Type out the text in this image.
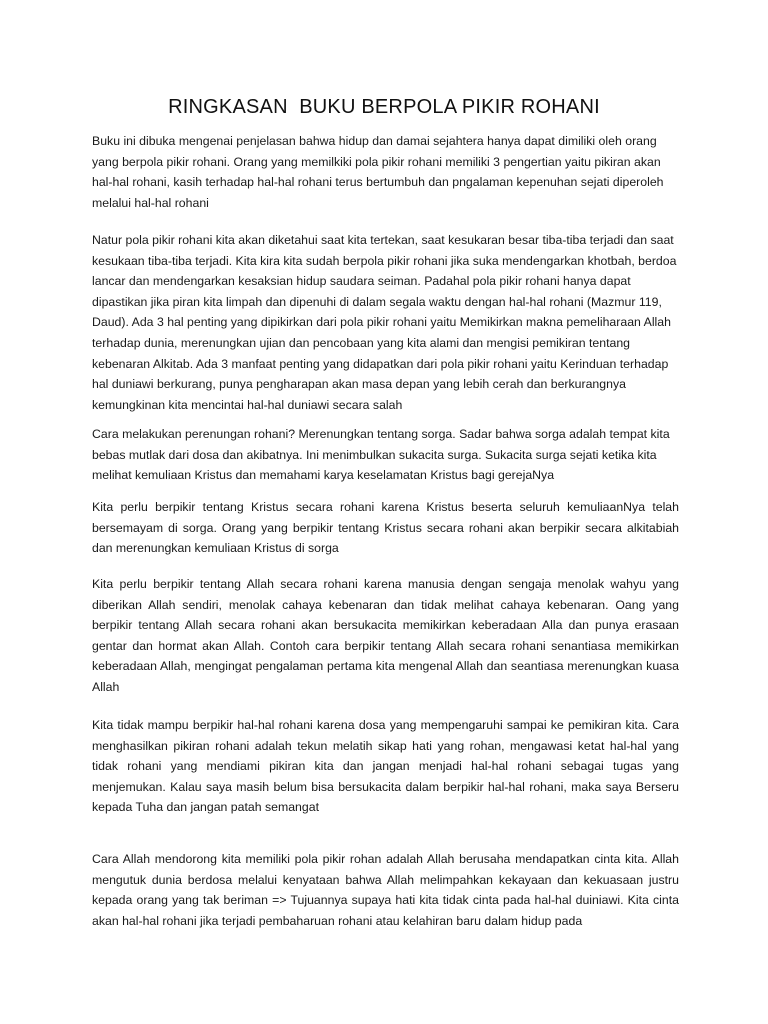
RINGKASAN  BUKU BERPOLA PIKIR ROHANI

Buku ini dibuka mengenai penjelasan bahwa hidup dan damai sejahtera hanya dapat dimiliki oleh orang yang berpola pikir rohani. Orang yang memilkiki pola pikir rohani memiliki 3 pengertian yaitu pikiran akan hal-hal rohani, kasih terhadap hal-hal rohani terus bertumbuh dan pngalaman kepenuhan sejati diperoleh melalui hal-hal rohani

Natur pola pikir rohani kita akan diketahui saat kita tertekan, saat kesukaran besar tiba-tiba terjadi dan saat kesukaan tiba-tiba terjadi. Kita kira kita sudah berpola pikir rohani jika suka mendengarkan khotbah, berdoa lancar dan mendengarkan kesaksian hidup saudara seiman. Padahal pola pikir rohani hanya dapat dipastikan jika piran kita limpah dan dipenuhi di dalam segala waktu dengan hal-hal rohani (Mazmur 119, Daud). Ada 3 hal penting yang dipikirkan dari pola pikir rohani yaitu Memikirkan makna pemeliharaan Allah terhadap dunia, merenungkan ujian dan pencobaan yang kita alami dan mengisi pemikiran tentang kebenaran Alkitab. Ada 3 manfaat penting yang didapatkan dari pola pikir rohani yaitu Kerinduan terhadap hal duniawi berkurang, punya pengharapan akan masa depan yang lebih cerah dan berkurangnya kemungkinan kita mencintai hal-hal duniawi secara salah

Cara melakukan perenungan rohani? Merenungkan tentang sorga. Sadar bahwa sorga adalah tempat kita bebas mutlak dari dosa dan akibatnya. Ini menimbulkan sukacita surga. Sukacita surga sejati ketika kita melihat kemuliaan Kristus dan memahami karya keselamatan Kristus bagi gerejaNya

Kita perlu berpikir tentang Kristus secara rohani karena Kristus beserta seluruh kemuliaanNya telah bersemayam di sorga. Orang yang berpikir tentang Kristus secara rohani akan berpikir secara alkitabiah dan merenungkan kemuliaan Kristus di sorga

Kita perlu berpikir tentang Allah secara rohani karena manusia dengan sengaja menolak wahyu yang diberikan Allah sendiri, menolak cahaya kebenaran dan tidak melihat cahaya kebenaran. Oang yang berpikir tentang Allah secara rohani akan bersukacita memikirkan keberadaan Alla dan punya erasaan gentar dan hormat akan Allah. Contoh cara berpikir tentang Allah secara rohani senantiasa memikirkan keberadaan Allah, mengingat pengalaman pertama kita mengenal Allah dan seantiasa merenungkan kuasa Allah

Kita tidak mampu berpikir hal-hal rohani karena dosa yang mempengaruhi sampai ke pemikiran kita. Cara menghasilkan pikiran rohani adalah tekun melatih sikap hati yang rohan, mengawasi ketat hal-hal yang tidak rohani yang mendiami pikiran kita dan jangan menjadi hal-hal rohani sebagai tugas yang menjemukan. Kalau saya masih belum bisa bersukacita dalam berpikir hal-hal rohani, maka saya Berseru kepada Tuha dan jangan patah semangat

Cara Allah mendorong kita memiliki pola pikir rohan adalah Allah berusaha mendapatkan cinta kita. Allah mengutuk dunia berdosa melalui kenyataan bahwa Allah melimpahkan kekayaan dan kekuasaan justru kepada orang yang tak beriman => Tujuannya supaya hati kita tidak cinta pada hal-hal duiniawi. Kita cinta akan hal-hal rohani jika terjadi pembaharuan rohani atau kelahiran baru dalam hidup pada
